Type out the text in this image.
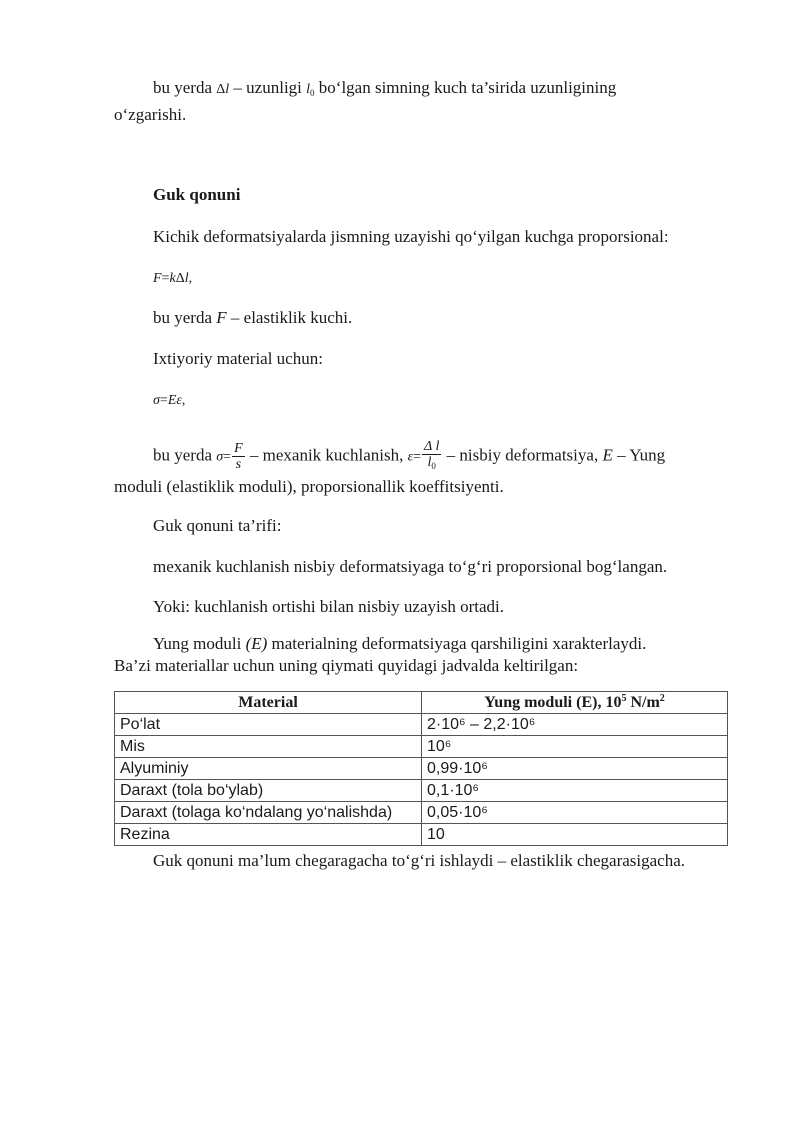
bu yerda Δl – uzunligi $l_0$ bo‘lgan simning kuch ta’sirida uzunligining
o‘zgarishi.
Guk qonuni
Kichik deformatsiyalarda jismning uzayishi qo‘yilgan kuchga proporsional:
F=kΔl,
bu yerda F – elastiklik kuchi.
Ixtiyoriy material uchun:
σ=Eε,
bu yerda $\sigma= \frac{F}{s}$ – mexanik kuchlanish, $\varepsilon= \frac{\text{Δ l}}{l_0}$ – nisbiy deformatsiya, E – Yung
moduli (elastiklik moduli), proporsionallik koeffitsiyenti.
Guk qonuni ta’rifi:
mexanik kuchlanish nisbiy deformatsiyaga to‘g‘ri proporsional bog‘langan.
Yoki: kuchlanish ortishi bilan nisbiy uzayish ortadi.
Yung moduli (E) materialning deformatsiyaga qarshiligini xarakterlaydi.
Ba’zi materiallar uchun uning qiymati quyidagi jadvalda keltirilgan:
Material	Yung moduli (E), $10^5$ $N/m^2$
Po‘lat	2·10⁶ – 2,2·10⁶
Mis	10⁶
Alyuminiy	0,99·10⁶
Daraxt (tola bo‘ylab)	0,1·10⁶
Daraxt (tolaga ko‘ndalang yo‘nalishda)	0,05·10⁶
Rezina	10
Guk qonuni ma’lum chegaragacha to‘g‘ri ishlaydi – elastiklik chegarasigacha.
